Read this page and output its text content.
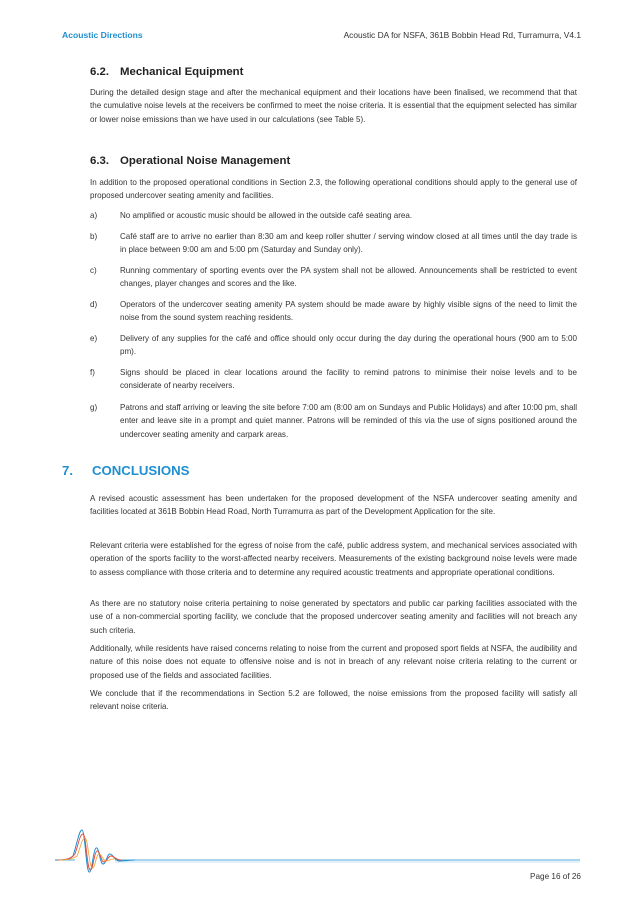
Acoustic Directions	Acoustic DA for NSFA, 361B Bobbin Head Rd, Turramurra, V4.1
6.2. Mechanical Equipment

During the detailed design stage and after the mechanical equipment and their locations have been finalised, we recommend that that the cumulative noise levels at the receivers be confirmed to meet the noise criteria. It is essential that the equipment selected has similar or lower noise emissions than we have used in our calculations (see Table 5).

6.3. Operational Noise Management

In addition to the proposed operational conditions in Section 2.3, the following operational conditions should apply to the general use of proposed undercover seating amenity and facilities.

a)	No amplified or acoustic music should be allowed in the outside café seating area.
b)	Café staff are to arrive no earlier than 8:30 am and keep roller shutter / serving window closed at all times until the day trade is in place between 9:00 am and 5:00 pm (Saturday and Sunday only).
c)	Running commentary of sporting events over the PA system shall not be allowed. Announcements shall be restricted to event changes, player changes and scores and the like.
d)	Operators of the undercover seating amenity PA system should be made aware by highly visible signs of the need to limit the noise from the sound system reaching residents.
e)	Delivery of any supplies for the café and office should only occur during the day during the operational hours (900 am to 5:00 pm).
f)	Signs should be placed in clear locations around the facility to remind patrons to minimise their noise levels and to be considerate of nearby receivers.
g)	Patrons and staff arriving or leaving the site before 7:00 am (8:00 am on Sundays and Public Holidays) and after 10:00 pm, shall enter and leave site in a prompt and quiet manner. Patrons will be reminded of this via the use of signs positioned around the undercover seating amenity and carpark areas.
7. CONCLUSIONS

A revised acoustic assessment has been undertaken for the proposed development of the NSFA undercover seating amenity and facilities located at 361B Bobbin Head Road, North Turramurra as part of the Development Application for the site.

Relevant criteria were established for the egress of noise from the café, public address system, and mechanical services associated with operation of the sports facility to the worst-affected nearby receivers. Measurements of the existing background noise levels were made to assess compliance with those criteria and to determine any required acoustic treatments and appropriate operational conditions.

As there are no statutory noise criteria pertaining to noise generated by spectators and public car parking facilities associated with the use of a non-commercial sporting facility, we conclude that the proposed undercover seating amenity and facilities will not breach any such criteria.

Additionally, while residents have raised concerns relating to noise from the current and proposed sport fields at NSFA, the audibility and nature of this noise does not equate to offensive noise and is not in breach of any relevant noise criteria relating to the current or proposed use of the fields and associated facilities.

We conclude that if the recommendations in Section 5.2 are followed, the noise emissions from the proposed facility will satisfy all relevant noise criteria.

Page 16 of 26
